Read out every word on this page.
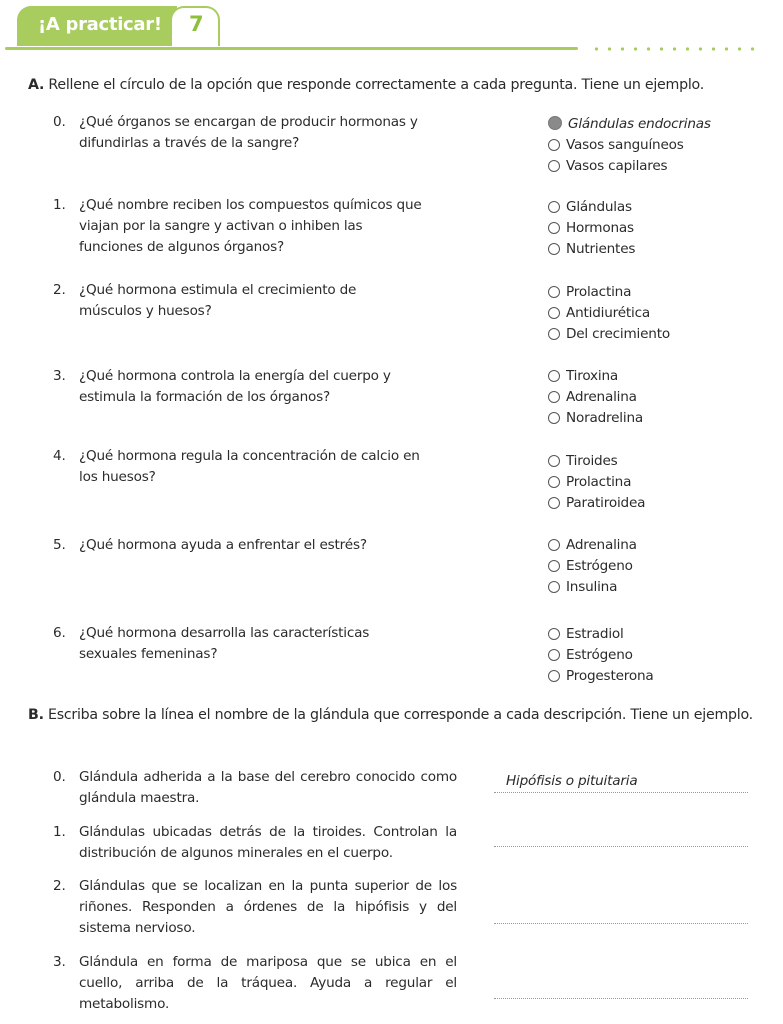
¡A practicar! 7
A. Rellene el círculo de la opción que responde correctamente a cada pregunta. Tiene un ejemplo.
0. ¿Qué órganos se encargan de producir hormonas y difundirlas a través de la sangre?
Glándulas endocrinas
Vasos sanguíneos
Vasos capilares
1. ¿Qué nombre reciben los compuestos químicos que viajan por la sangre y activan o inhiben las funciones de algunos órganos?
Glándulas
Hormonas
Nutrientes
2. ¿Qué hormona estimula el crecimiento de músculos y huesos?
Prolactina
Antidiurética
Del crecimiento
3. ¿Qué hormona controla la energía del cuerpo y estimula la formación de los órganos?
Tiroxina
Adrenalina
Noradrelina
4. ¿Qué hormona regula la concentración de calcio en los huesos?
Tiroides
Prolactina
Paratiroidea
5. ¿Qué hormona ayuda a enfrentar el estrés?	Adrenalina
Estrógeno
Insulina
6. ¿Qué hormona desarrolla las características sexuales femeninas?
Estradiol
Estrógeno
Progesterona
B. Escriba sobre la línea el nombre de la glándula que corresponde a cada descripción. Tiene un ejemplo.
0. Glándula adherida a la base del cerebro conocido como glándula maestra.
Hipófisis o pituitaria
1. Glándulas ubicadas detrás de la tiroides. Controlan la distribución de algunos minerales en el cuerpo.
2. Glándulas que se localizan en la punta superior de los riñones. Responden a órdenes de la hipófisis y del sistema nervioso.
3. Glándula en forma de mariposa que se ubica en el cuello, arriba de la tráquea. Ayuda a regular el metabolismo.
